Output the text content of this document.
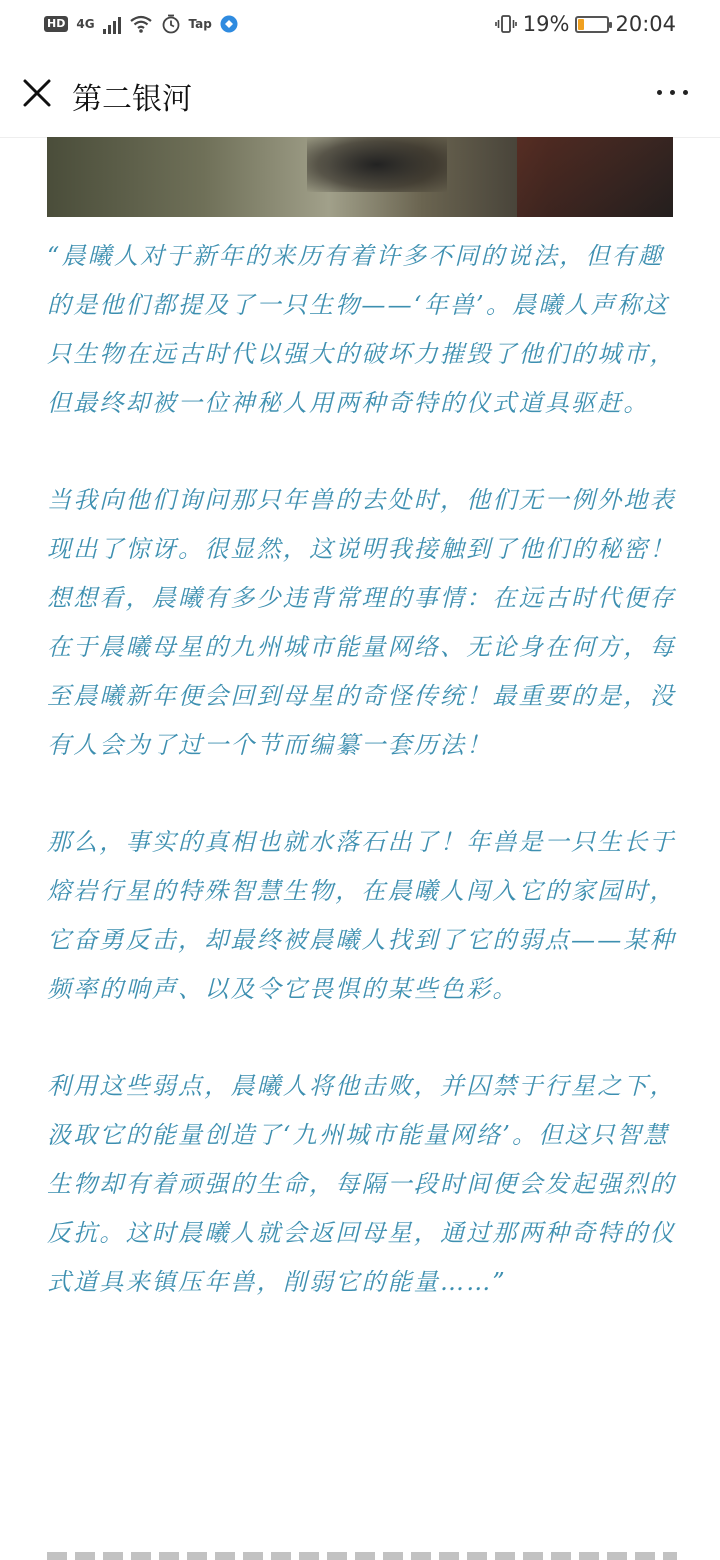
HD 4G	Tap	19% 20:04
第二银河

“晨曦人对于新年的来历有着许多不同的说法，但有趣的是他们都提及了一只生物——‘年兽’。晨曦人声称这只生物在远古时代以强大的破坏力摧毁了他们的城市，但最终却被一位神秘人用两种奇特的仪式道具驱赶。

当我向他们询问那只年兽的去处时，他们无一例外地表现出了惊讶。很显然，这说明我接触到了他们的秘密！想想看，晨曦有多少违背常理的事情：在远古时代便存在于晨曦母星的九州城市能量网络、无论身在何方，每至晨曦新年便会回到母星的奇怪传统！最重要的是，没有人会为了过一个节而编纂一套历法！

那么，事实的真相也就水落石出了！年兽是一只生长于熔岩行星的特殊智慧生物，在晨曦人闯入它的家园时，它奋勇反击，却最终被晨曦人找到了它的弱点——某种频率的响声、以及令它畏惧的某些色彩。

利用这些弱点，晨曦人将他击败，并囚禁于行星之下，汲取它的能量创造了‘九州城市能量网络’。但这只智慧生物却有着顽强的生命，每隔一段时间便会发起强烈的反抗。这时晨曦人就会返回母星，通过那两种奇特的仪式道具来镇压年兽，削弱它的能量……”
